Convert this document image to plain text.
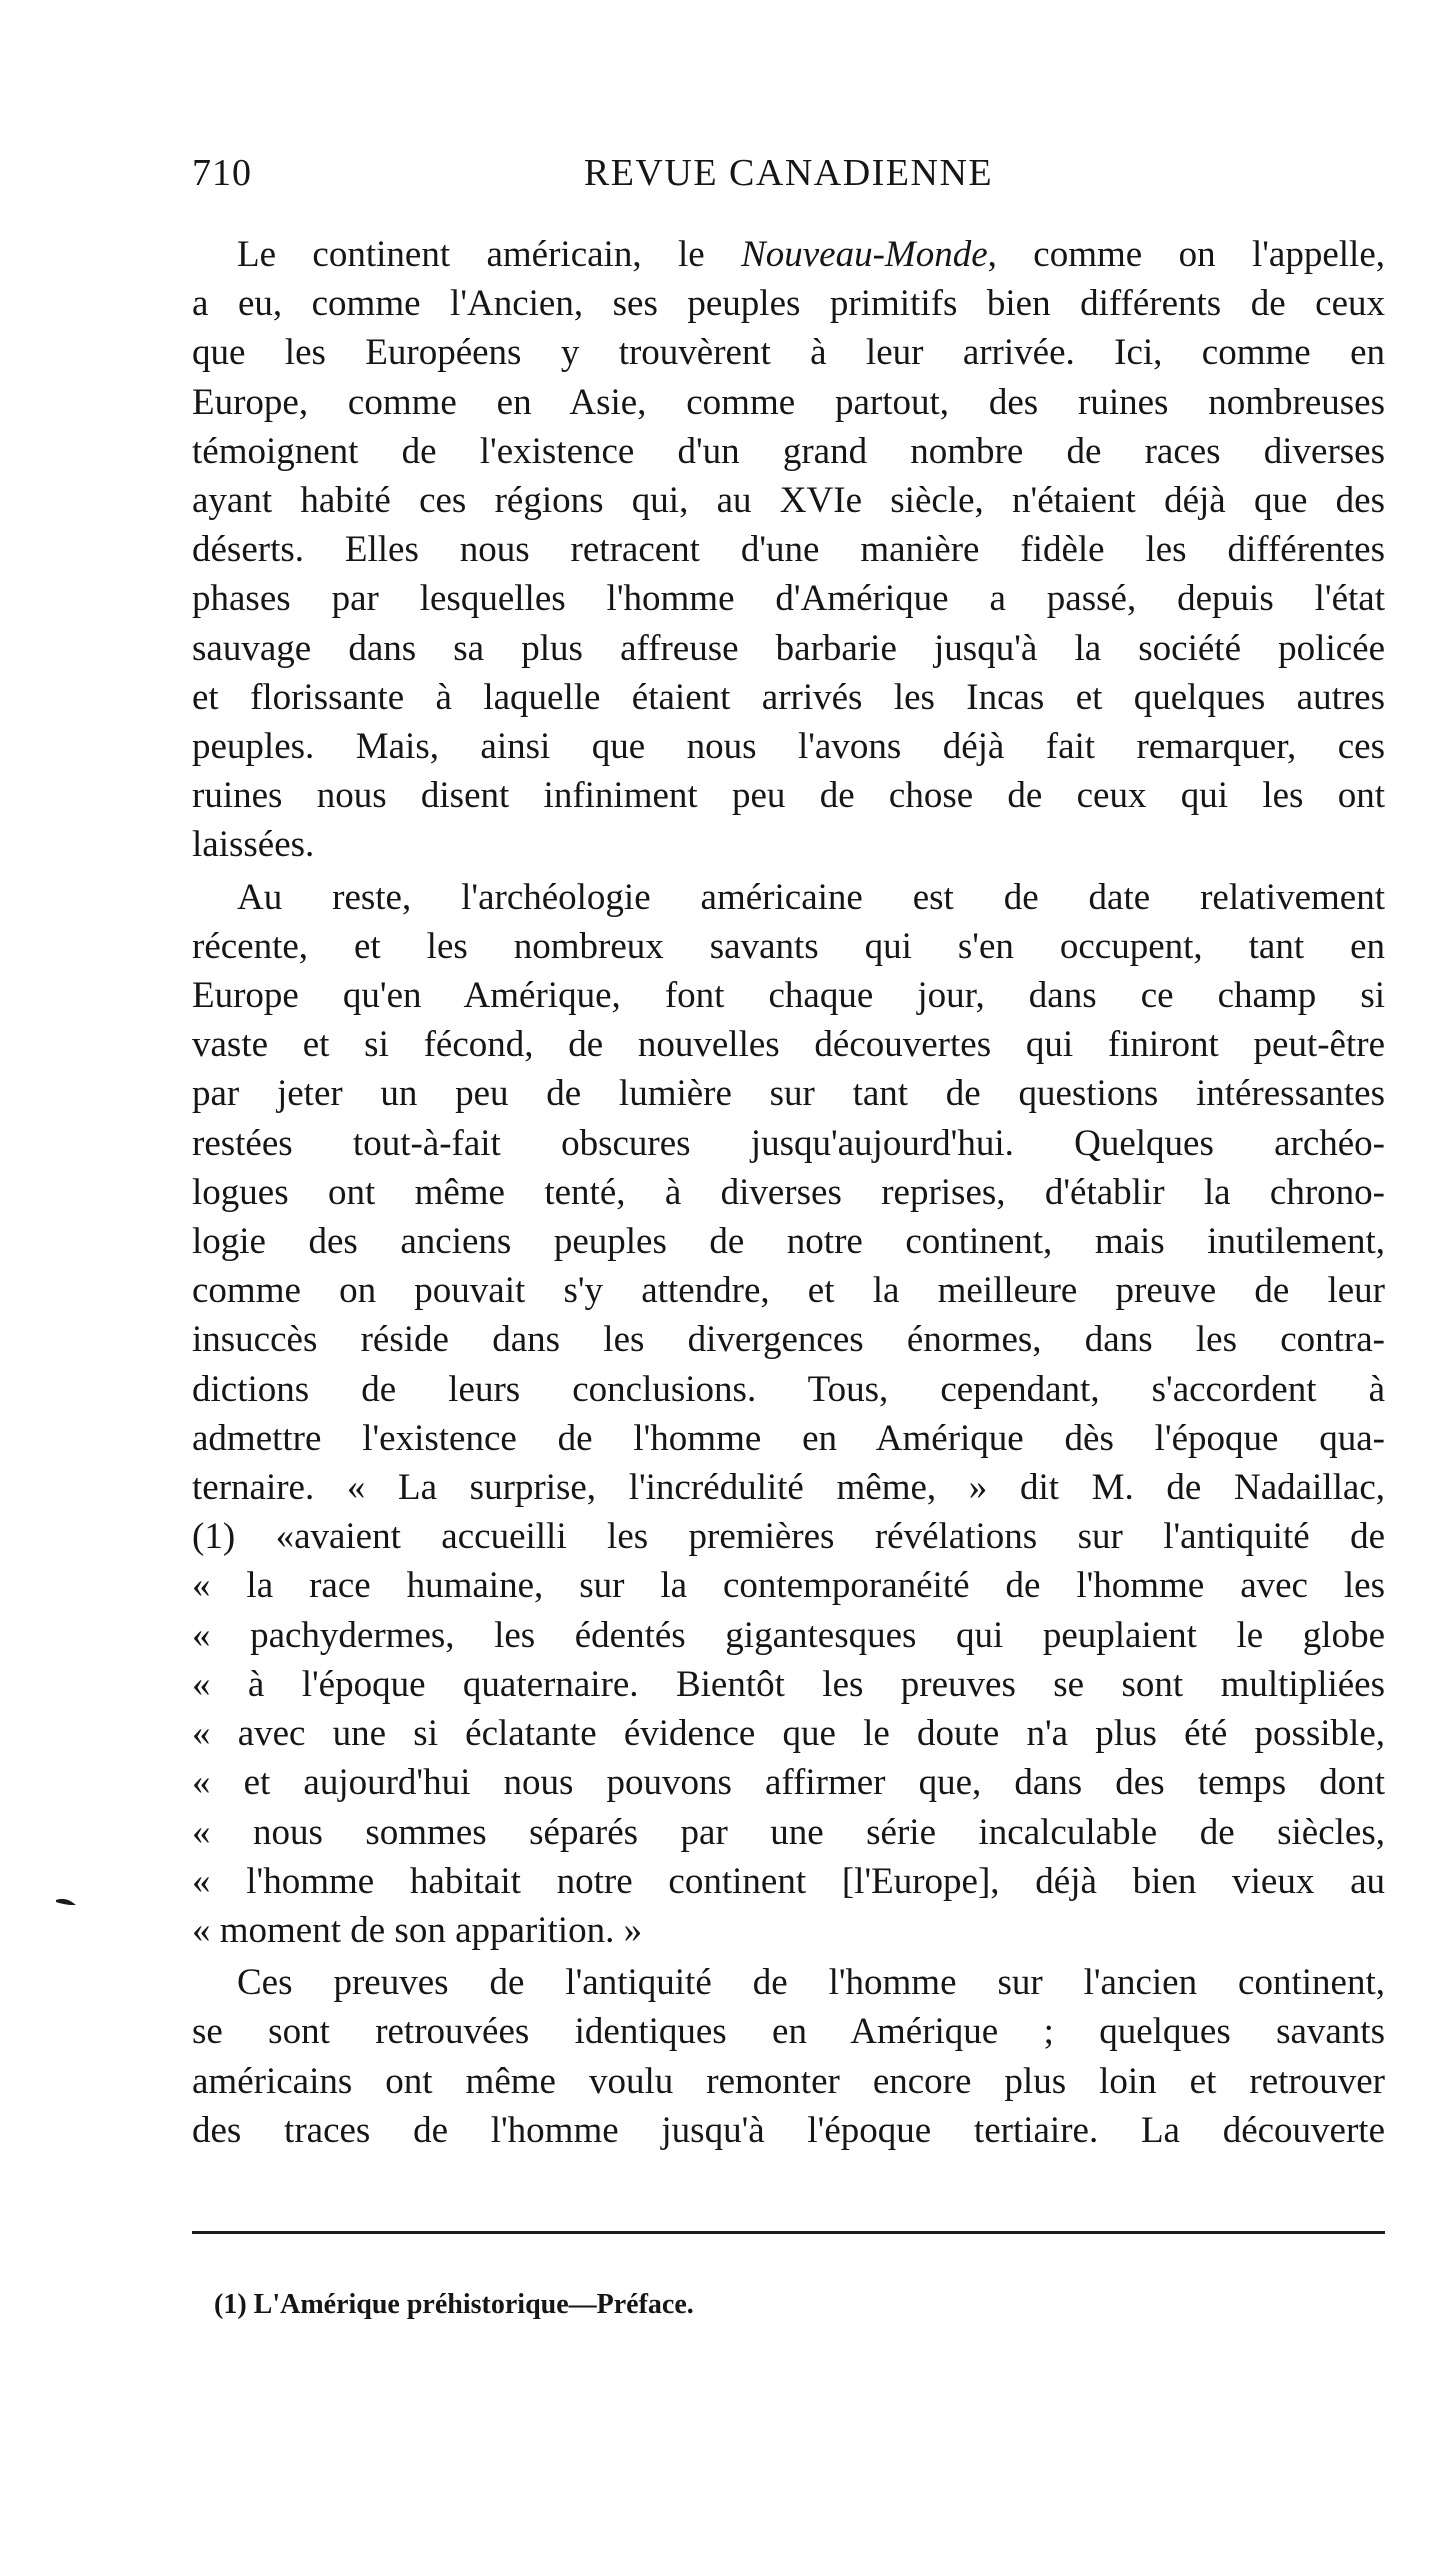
710	REVUE CANADIENNE
Le continent américain, le Nouveau-Monde, comme on l'appelle,
a eu, comme l'Ancien, ses peuples primitifs bien différents de ceux
que les Européens y trouvèrent à leur arrivée. Ici, comme en
Europe, comme en Asie, comme partout, des ruines nombreuses
témoignent de l'existence d'un grand nombre de races diverses
ayant habité ces régions qui, au XVIe siècle, n'étaient déjà que des
déserts. Elles nous retracent d'une manière fidèle les différentes
phases par lesquelles l'homme d'Amérique a passé, depuis l'état
sauvage dans sa plus affreuse barbarie jusqu'à la société policée
et florissante à laquelle étaient arrivés les Incas et quelques autres
peuples. Mais, ainsi que nous l'avons déjà fait remarquer, ces
ruines nous disent infiniment peu de chose de ceux qui les ont
laissées.
Au reste, l'archéologie américaine est de date relativement
récente, et les nombreux savants qui s'en occupent, tant en
Europe qu'en Amérique, font chaque jour, dans ce champ si
vaste et si fécond, de nouvelles découvertes qui finiront peut-être
par jeter un peu de lumière sur tant de questions intéressantes
restées tout-à-fait obscures jusqu'aujourd'hui. Quelques archéo-
logues ont même tenté, à diverses reprises, d'établir la chrono-
logie des anciens peuples de notre continent, mais inutilement,
comme on pouvait s'y attendre, et la meilleure preuve de leur
insuccès réside dans les divergences énormes, dans les contra-
dictions de leurs conclusions. Tous, cependant, s'accordent à
admettre l'existence de l'homme en Amérique dès l'époque qua-
ternaire. « La surprise, l'incrédulité même, » dit M. de Nadaillac,
(1) «avaient accueilli les premières révélations sur l'antiquité de
« la race humaine, sur la contemporanéité de l'homme avec les
« pachydermes, les édentés gigantesques qui peuplaient le globe
« à l'époque quaternaire. Bientôt les preuves se sont multipliées
« avec une si éclatante évidence que le doute n'a plus été possible,
« et aujourd'hui nous pouvons affirmer que, dans des temps dont
« nous sommes séparés par une série incalculable de siècles,
« l'homme habitait notre continent [l'Europe], déjà bien vieux au
« moment de son apparition. »
Ces preuves de l'antiquité de l'homme sur l'ancien continent,
se sont retrouvées identiques en Amérique ; quelques savants
américains ont même voulu remonter encore plus loin et retrouver
des traces de l'homme jusqu'à l'époque tertiaire. La découverte
(1) L'Amérique préhistorique—Préface.
